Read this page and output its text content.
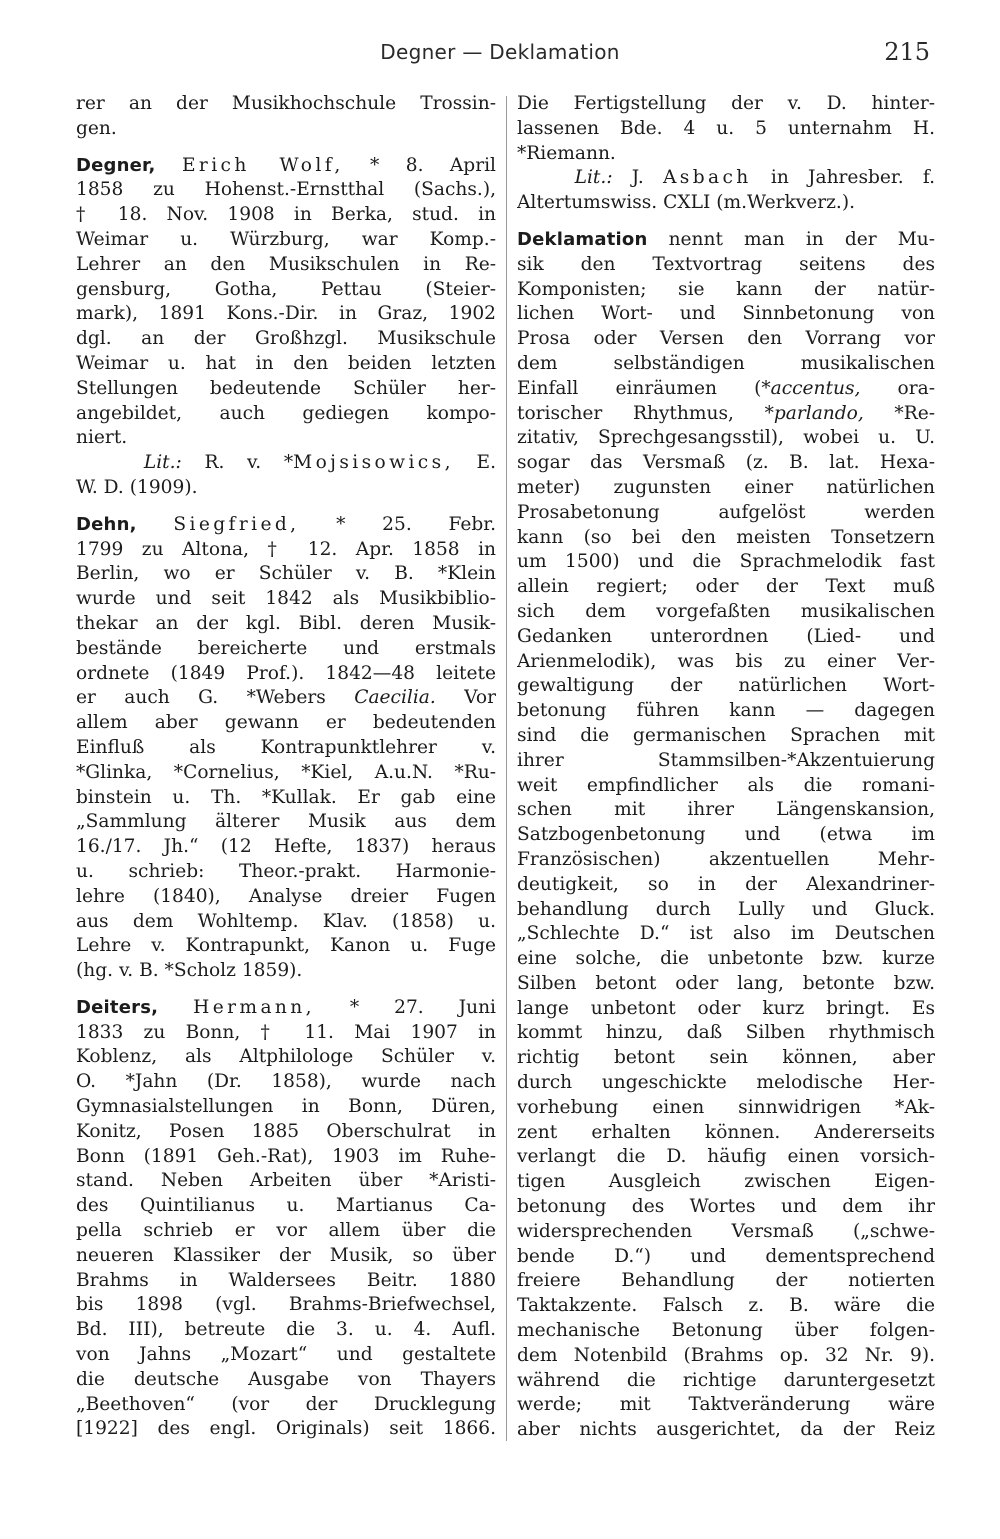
Degner — Deklamation	215
rer an der Musikhochschule Trossin-
gen.
Degner, Erich Wolf, * 8. April
1858 zu Hohenst.-Ernstthal (Sachs.),
† 18. Nov. 1908 in Berka, stud. in
Weimar u. Würzburg, war Komp.-
Lehrer an den Musikschulen in Re-
gensburg, Gotha, Pettau (Steier-
mark), 1891 Kons.-Dir. in Graz, 1902
dgl. an der Großhzgl. Musikschule
Weimar u. hat in den beiden letzten
Stellungen bedeutende Schüler her-
angebildet, auch gediegen kompo-
niert.
Lit.: R. v. *Mojsisowics, E.
W. D. (1909).
Dehn, Siegfried, * 25. Febr.
1799 zu Altona, † 12. Apr. 1858 in
Berlin, wo er Schüler v. B. *Klein
wurde und seit 1842 als Musikbiblio-
thekar an der kgl. Bibl. deren Musik-
bestände bereicherte und erstmals
ordnete (1849 Prof.). 1842—48 leitete
er auch G. *Webers Caecilia. Vor
allem aber gewann er bedeutenden
Einfluß als Kontrapunktlehrer v.
*Glinka, *Cornelius, *Kiel, A.u.N. *Ru-
binstein u. Th. *Kullak. Er gab eine
„Sammlung älterer Musik aus dem
16./17. Jh.“ (12 Hefte, 1837) heraus
u. schrieb: Theor.-prakt. Harmonie-
lehre (1840), Analyse dreier Fugen
aus dem Wohltemp. Klav. (1858) u.
Lehre v. Kontrapunkt, Kanon u. Fuge
(hg. v. B. *Scholz 1859).
Deiters, Hermann, * 27. Juni
1833 zu Bonn, † 11. Mai 1907 in
Koblenz, als Altphilologe Schüler v.
O. *Jahn (Dr. 1858), wurde nach
Gymnasialstellungen in Bonn, Düren,
Konitz, Posen 1885 Oberschulrat in
Bonn (1891 Geh.-Rat), 1903 im Ruhe-
stand. Neben Arbeiten über *Aristi-
des Quintilianus u. Martianus Ca-
pella schrieb er vor allem über die
neueren Klassiker der Musik, so über
Brahms in Waldersees Beitr. 1880
bis 1898 (vgl. Brahms-Briefwechsel,
Bd. III), betreute die 3. u. 4. Aufl.
von Jahns „Mozart“ und gestaltete
die deutsche Ausgabe von Thayers
„Beethoven“ (vor der Drucklegung
[1922] des engl. Originals) seit 1866.
Die Fertigstellung der v. D. hinter-
lassenen Bde. 4 u. 5 unternahm H.
*Riemann.
Lit.: J. Asbach in Jahresber. f.
Altertumswiss. CXLI (m.Werkverz.).
Deklamation nennt man in der Mu-
sik den Textvortrag seitens des
Komponisten; sie kann der natür-
lichen Wort- und Sinnbetonung von
Prosa oder Versen den Vorrang vor
dem selbständigen musikalischen
Einfall einräumen (*accentus, ora-
torischer Rhythmus, *parlando, *Re-
zitativ, Sprechgesangsstil), wobei u. U.
sogar das Versmaß (z. B. lat. Hexa-
meter) zugunsten einer natürlichen
Prosabetonung aufgelöst werden
kann (so bei den meisten Tonsetzern
um 1500) und die Sprachmelodik fast
allein regiert; oder der Text muß
sich dem vorgefaßten musikalischen
Gedanken unterordnen (Lied- und
Arienmelodik), was bis zu einer Ver-
gewaltigung der natürlichen Wort-
betonung führen kann — dagegen
sind die germanischen Sprachen mit
ihrer Stammsilben-*Akzentuierung
weit empfindlicher als die romani-
schen mit ihrer Längenskansion,
Satzbogenbetonung und (etwa im
Französischen) akzentuellen Mehr-
deutigkeit, so in der Alexandriner-
behandlung durch Lully und Gluck.
„Schlechte D.“ ist also im Deutschen
eine solche, die unbetonte bzw. kurze
Silben betont oder lang, betonte bzw.
lange unbetont oder kurz bringt. Es
kommt hinzu, daß Silben rhythmisch
richtig betont sein können, aber
durch ungeschickte melodische Her-
vorhebung einen sinnwidrigen *Ak-
zent erhalten können. Andererseits
verlangt die D. häufig einen vorsich-
tigen Ausgleich zwischen Eigen-
betonung des Wortes und dem ihr
widersprechenden Versmaß („schwe-
bende D.“) und dementsprechend
freiere Behandlung der notierten
Taktakzente. Falsch z. B. wäre die
mechanische Betonung über folgen-
dem Notenbild (Brahms op. 32 Nr. 9).
während die richtige daruntergesetzt
werde; mit Taktveränderung wäre
aber nichts ausgerichtet, da der Reiz
